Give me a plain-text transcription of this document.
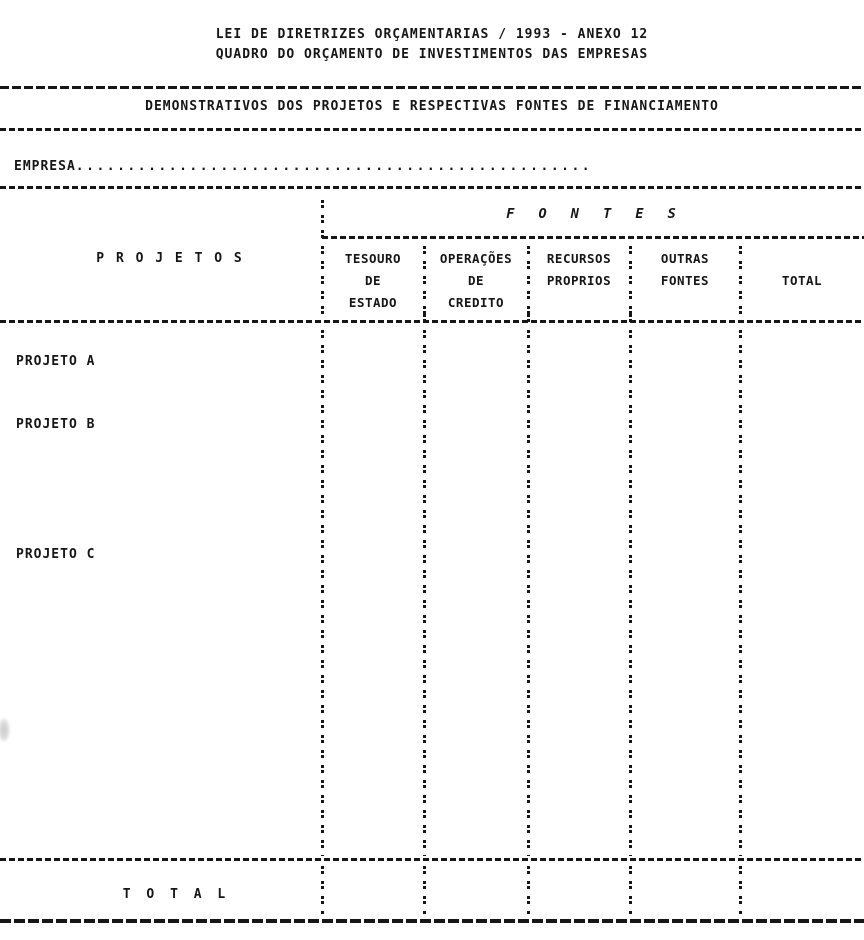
LEI DE DIRETRIZES ORÇAMENTARIAS / 1993 - ANEXO 12
QUADRO DO ORÇAMENTO DE INVESTIMENTOS DAS EMPRESAS
DEMONSTRATIVOS DOS PROJETOS E RESPECTIVAS FONTES DE FINANCIAMENTO
EMPRESA..................................................
F O N T E S
P R O J E T O S	TESOURO
DE
ESTADO
OPERAÇÕES
DE
CREDITO
RECURSOS
PROPRIOS
OUTRAS
FONTES	TOTAL
PROJETO A
PROJETO B
PROJETO C
T O T A L
